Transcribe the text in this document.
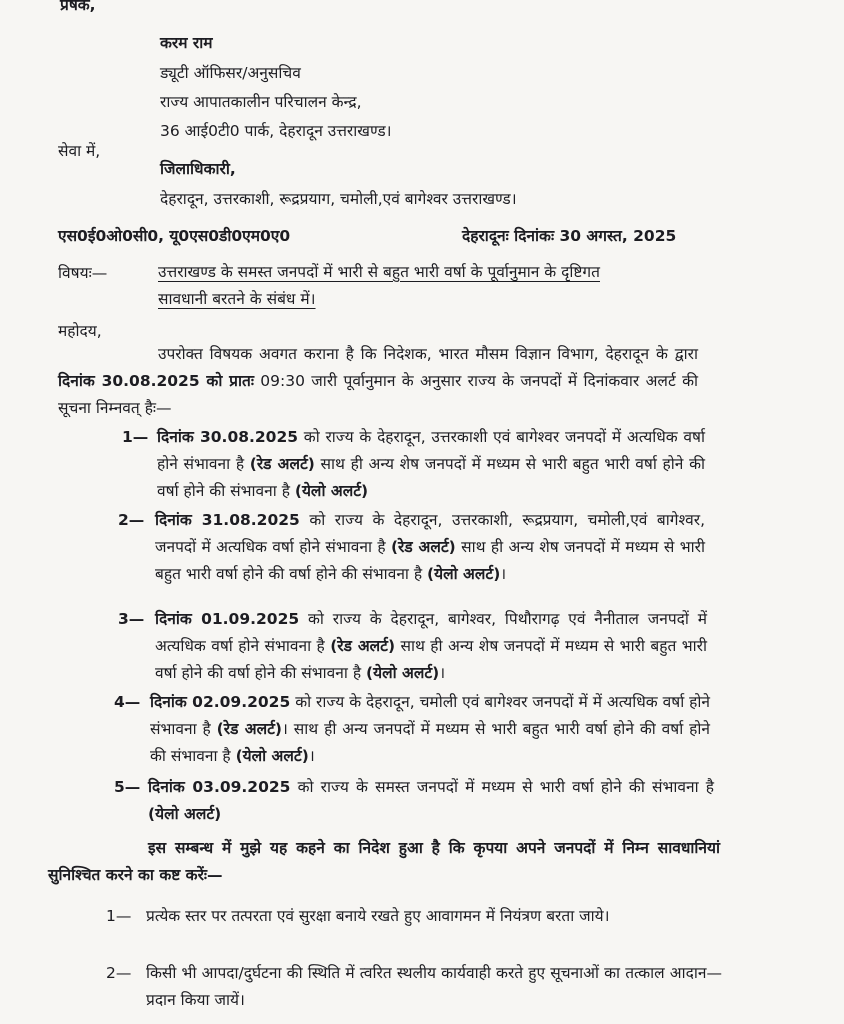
प्रषक,
करम राम
ड्यूटी ऑफिसर/अनुसचिव
राज्य आपातकालीन परिचालन केन्द्र,
36 आई0टी0 पार्क, देहरादून उत्तराखण्ड।
सेवा में,
जिलाधिकारी,
देहरादून, उत्तरकाशी, रूद्रप्रयाग, चमोली,एवं बागेश्वर उत्तराखण्ड।
एस0ई0ओ0सी0, यू0एस0डी0एम0ए0	देहरादूनः दिनांकः 30 अगस्त, 2025
विषयः—	उत्तराखण्ड के समस्त जनपदों में भारी से बहुत भारी वर्षा के पूर्वानुमान के दृष्टिगत
सावधानी बरतने के संबंध में।
महोदय,
उपरोक्त विषयक अवगत कराना है कि निदेशक, भारत मौसम विज्ञान विभाग, देहरादून के द्वारा दिनांक 30.08.2025 को प्रातः 09:30 जारी पूर्वानुमान के अनुसार राज्य के जनपदों में दिनांकवार अलर्ट की सूचना निम्नवत् हैः—
1— दिनांक 30.08.2025 को राज्य के देहरादून, उत्तरकाशी एवं बागेश्वर जनपदों में अत्यधिक वर्षा होने संभावना है (रेड अलर्ट) साथ ही अन्य शेष जनपदों में मध्यम से भारी बहुत भारी वर्षा होने की वर्षा होने की संभावना है (येलो अलर्ट)
2— दिनांक 31.08.2025 को राज्य के देहरादून, उत्तरकाशी, रूद्रप्रयाग, चमोली,एवं बागेश्वर, जनपदों में अत्यधिक वर्षा होने संभावना है (रेड अलर्ट) साथ ही अन्य शेष जनपदों में मध्यम से भारी बहुत भारी वर्षा होने की वर्षा होने की संभावना है (येलो अलर्ट)।
3— दिनांक 01.09.2025 को राज्य के देहरादून, बागेश्वर, पिथौरागढ़ एवं नैनीताल जनपदों में अत्यधिक वर्षा होने संभावना है (रेड अलर्ट) साथ ही अन्य शेष जनपदों में मध्यम से भारी बहुत भारी वर्षा होने की वर्षा होने की संभावना है (येलो अलर्ट)।
4— दिनांक 02.09.2025 को राज्य के देहरादून, चमोली एवं बागेश्वर जनपदों में में अत्यधिक वर्षा होने संभावना है (रेड अलर्ट)। साथ ही अन्य जनपदों में मध्यम से भारी बहुत भारी वर्षा होने की वर्षा होने की संभावना है (येलो अलर्ट)।
5— दिनांक 03.09.2025 को राज्य के समस्त जनपदों में मध्यम से भारी वर्षा होने की संभावना है (येलो अलर्ट)
इस सम्बन्ध में मुझे यह कहने का निदेश हुआ है कि कृपया अपने जनपदों में निम्न सावधानियां सुनिश्चित करने का कष्ट करेंः—
1— प्रत्येक स्तर पर तत्परता एवं सुरक्षा बनाये रखते हुए आवागमन में नियंत्रण बरता जाये।
2— किसी भी आपदा/दुर्घटना की स्थिति में त्वरित स्थलीय कार्यवाही करते हुए सूचनाओं का तत्काल आदान—प्रदान किया जायें।
